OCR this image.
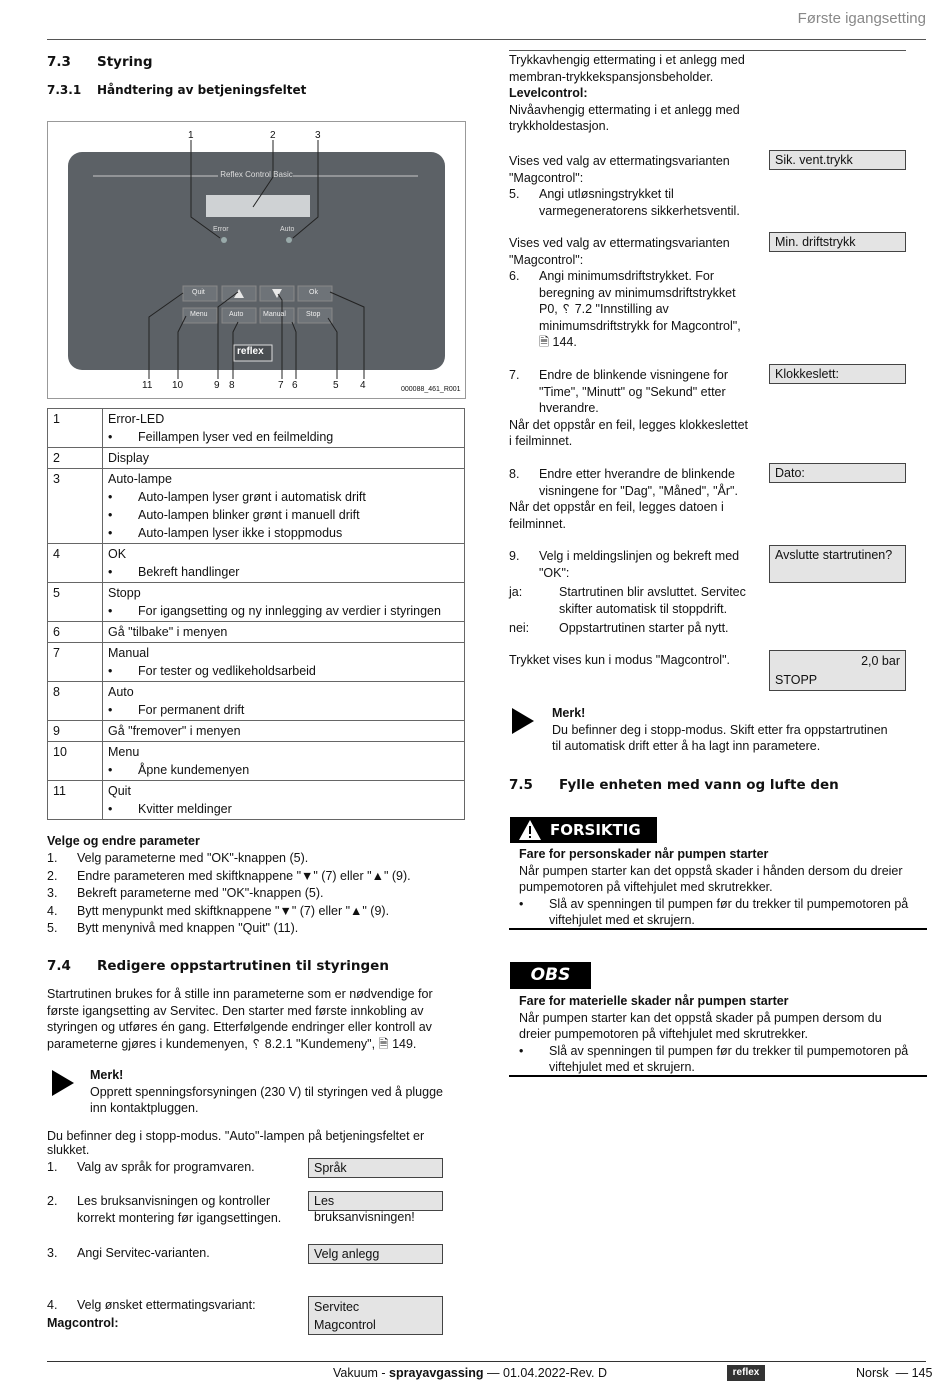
Første igangsetting
7.3 Styring
7.3.1 Håndtering av betjeningsfeltet
1	2	3
11 10	9 8	7 6	5 4	000088_461_R001
Reflex Control Basic
Error	Auto
Quit	Ok
Menu	Auto	Manual	Stop
reflex
1	Error-LED
• Feillampen lyser ved en feilmelding

2	Display

3	Auto-lampe
• Auto-lampen lyser grønt i automatisk drift
• Auto-lampen blinker grønt i manuell drift
• Auto-lampen lyser ikke i stoppmodus

4	OK
• Bekreft handlinger

5	Stopp
• For igangsetting og ny innlegging av verdier i styringen

6	Gå "tilbake" i menyen

7	Manual
• For tester og vedlikeholdsarbeid

8	Auto
• For permanent drift

9	Gå "fremover" i menyen

10	Menu
• Åpne kundemenyen

11	Quit
• Kvitter meldinger
Velge og endre parameter
1. Velg parameterne med "OK"-knappen (5).
2. Endre parameteren med skiftknappene "▼" (7) eller "▲" (9).
3. Bekreft parameterne med "OK"-knappen (5).
4. Bytt menypunkt med skiftknappene "▼" (7) eller "▲" (9).
5. Bytt menynivå med knappen "Quit" (11).
7.4 Redigere oppstartrutinen til styringen

Startrutinen brukes for å stille inn parameterne som er nødvendige for første igangsetting av Servitec. Den starter med første innkobling av styringen og utføres én gang. Etterfølgende endringer eller kontroll av parameterne gjøres i kundemenyen, ␦ 8.2.1 "Kundemeny", 🗎 149.

Merk!
Opprett spenningsforsyningen (230 V) til styringen ved å plugge inn kontaktpluggen.

Du befinner deg i stopp-modus. "Auto"-lampen på betjeningsfeltet er slukket.

1. Valg av språk for programvaren.	Språk
2. Les bruksanvisningen og kontroller korrekt montering før igangsettingen.
Les bruksanvisningen!
3. Angi Servitec-varianten.	Velg anlegg
4. Velg ønsket ettermatingsvariant:
Magcontrol:
Servitec
Magcontrol
Trykkavhengig ettermating i et anlegg med membran-trykkekspansjonsbeholder.
Levelcontrol:
Nivåavhengig ettermating i et anlegg med trykkholdestasjon.
Vises ved valg av ettermatingsvarianten "Magcontrol":
5. Angi utløsningstrykket til varmegeneratorens sikkerhetsventil.
Sik. vent.trykk
Vises ved valg av ettermatingsvarianten "Magcontrol":
6. Angi minimumsdriftstrykket. For beregning av minimumsdriftstrykket P0, ␦ 7.2 "Innstilling av minimumsdriftstrykk for Magcontrol", 🗎 144.
Min. driftstrykk
7. Endre de blinkende visningene for "Time", "Minutt" og "Sekund" etter hverandre.
Når det oppstår en feil, legges klokkeslettet i feilminnet.
Klokkeslett:
8. Endre etter hverandre de blinkende visningene for "Dag", "Måned", "År".
Når det oppstår en feil, legges datoen i feilminnet.
Dato:
9. Velg i meldingslinjen og bekreft med "OK":
ja:	Startrutinen blir avsluttet. Servitec skifter automatisk til stoppdrift.
nei: Oppstartrutinen starter på nytt.
Avslutte startrutinen?

Trykket vises kun i modus "Magcontrol".	2,0 bar
STOPP
Merk!
Du befinner deg i stopp-modus. Skift etter fra oppstartrutinen til automatisk drift etter å ha lagt inn parametere.
7.5 Fylle enheten med vann og lufte den
FORSIKTIG
Fare for personskader når pumpen starter
Når pumpen starter kan det oppstå skader i hånden dersom du dreier pumpemotoren på viftehjulet med skrutrekker.
• Slå av spenningen til pumpen før du trekker til pumpemotoren på viftehjulet med et skrujern.
OBS
Fare for materielle skader når pumpen starter
Når pumpen starter kan det oppstå skader på pumpen dersom du dreier pumpemotoren på viftehjulet med skrutrekker.
• Slå av spenningen til pumpen før du trekker til pumpemotoren på viftehjulet med et skrujern.
Vakuum - sprayavgassing — 01.04.2022-Rev. D	reflex	Norsk — 145
